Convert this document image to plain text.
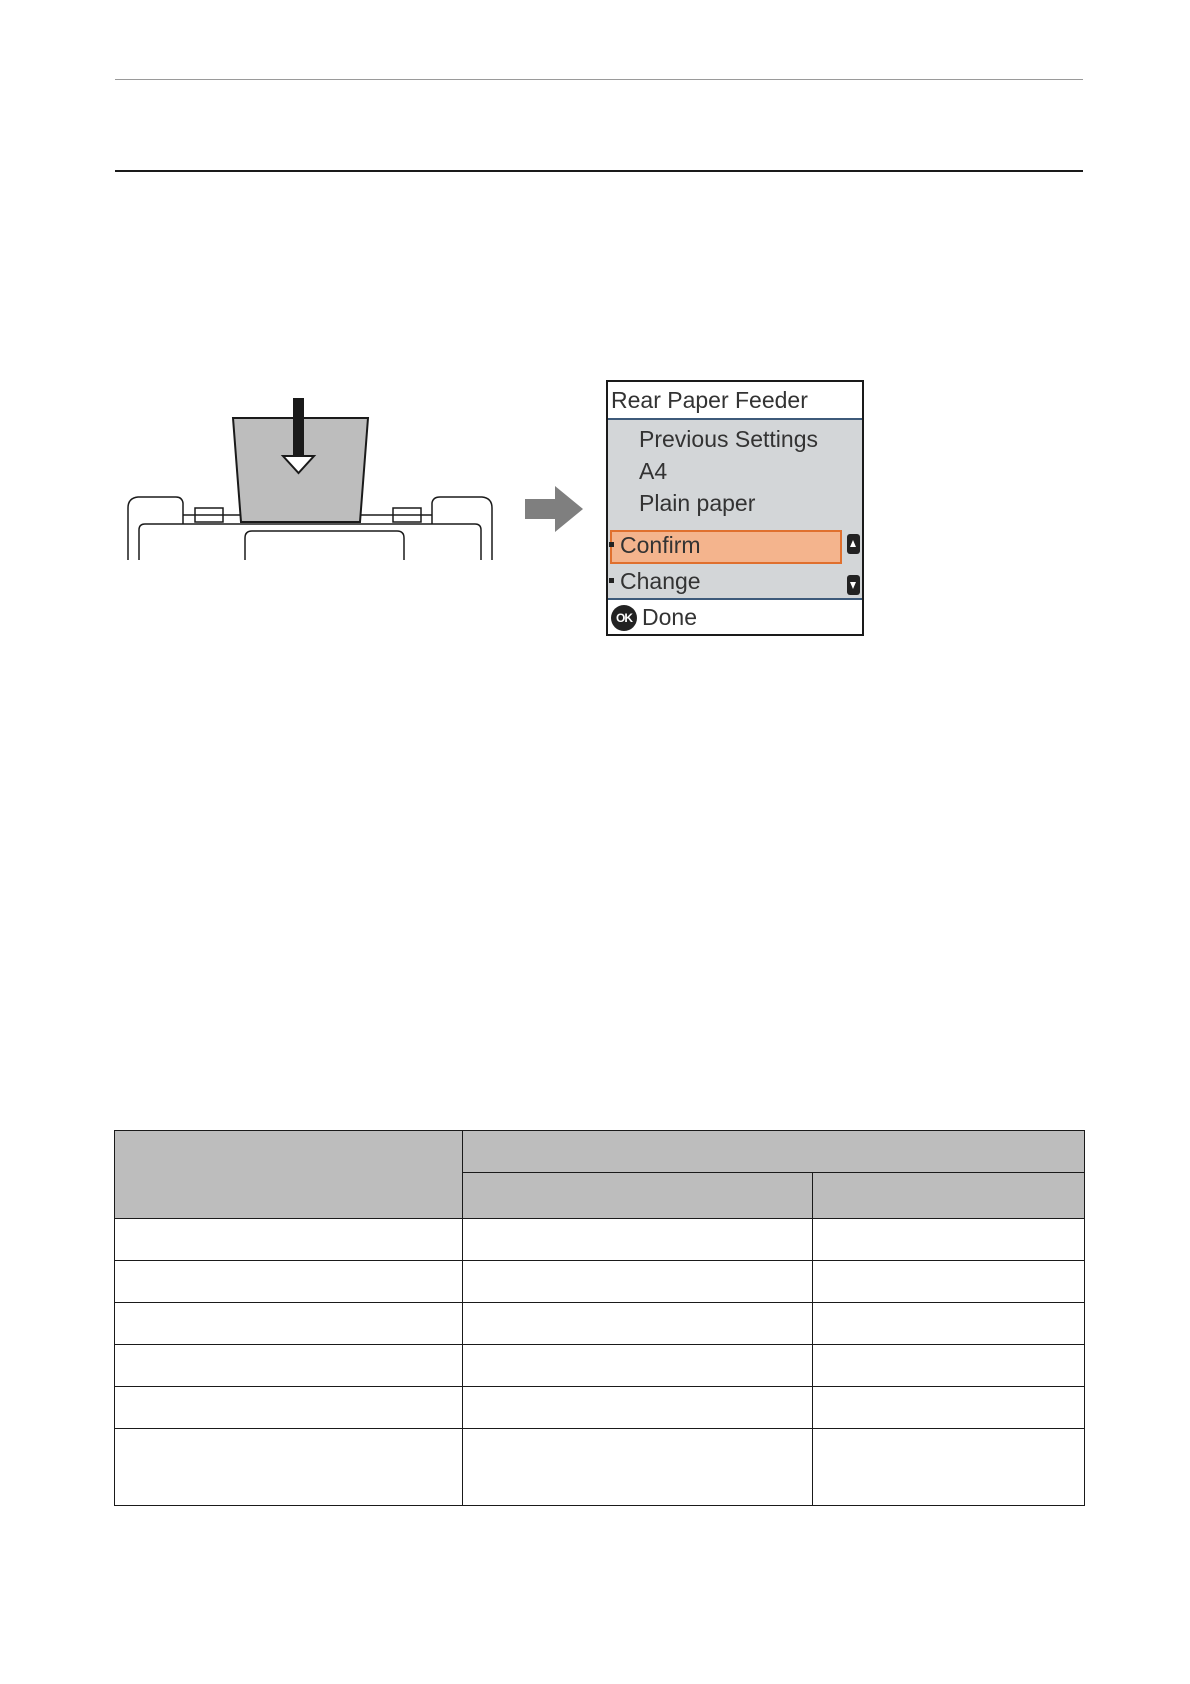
Rear Paper Feeder
Previous Settings
A4
Plain paper
Confirm
Change
OK Done
